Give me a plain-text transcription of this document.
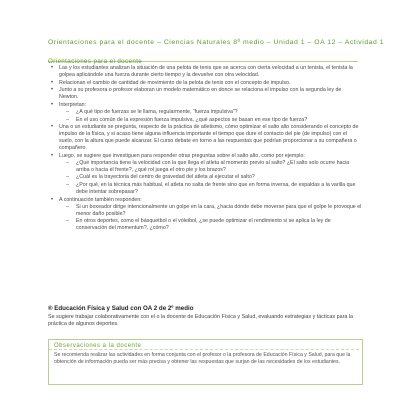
Orientaciones para el docente – Ciencias Naturales 8º medio – Unidad 1 – OA 12 – Actividad 1
Orientaciones para el docente
• Las y los estudiantes analizan la situación de una pelota de tenis que se acerca con cierta velocidad a un tenista, el tenista la golpea aplicándole una fuerza durante cierto tiempo y la devuelve con otra velocidad.
• Relacionan el cambio de cantidad de movimiento de la pelota de tenis con el concepto de impulso.
• Junto a su profesora o profesor elaboran un modelo matemático en donce se relaciona el impulso con la segunda ley de Newton.
• Interpretan:
– ¿A qué tipo de fuerzas se le llama, regularmente, “fuerza impulsiva”?
– En el uso común de la expresión fuerza impulsiva, ¿qué aspectos se basan en ese tipo de fuerza?
• Una o un estudiante se pregunta, respecto de la práctica de atletismo, cómo optimizar el salto alto considerando el concepto de impulso de la física, y si acaso tiene alguna influencia importante el tiempo que dure el contacto del pie (de impulso) con el suelo, con la altura que puede alcanzar. El curso debate en torno a las respuestas que podrían proporcionar a su compañera o compañero.
• Luego, se sugiere que investiguen para responder otras preguntas sobre el salto alto, como por ejemplo:
– ¿Qué importancia tiene la velocidad con la que llega el atleta al momento previo al salto? ¿El salto solo ocurre hacia arriba o hacia el frente?, ¿qué rol juega el otro pie y los brazos?
– ¿Cuál es la trayectoria del centro de gravedad del atleta al ejecutar el salto?
– ¿Por qué, en la técnica más habitual, el atleta no salta de frente sino que en forma inversa, de espaldas a la varilla que debe intentar sobrepasar?
• A continuación también responden:
– Si un boxeador dirige intencionalmente un golpe en la cara, ¿hacia dónde debe moverse para que el golpe le provoque el menor daño posible?
– En otros deportes, como el básquetbol o el vóleibol, ¿se puede optimizar el rendimiento si se aplica la ley de conservación del momentum?, ¿cómo?
® Educación Física y Salud con OA 2 de 2º medio
Se sugiere trabajar colaborativamente con el o la docente de Educación Física y Salud, evaluando estrategias y tácticas para la práctica de algunos deportes.
Observaciones a la docente
Se recomienda realizar las actividades en forma conjunta con el profesor o la profesora de Educación Física y Salud, para que la obtención de información pueda ser más precisa y obtener las respuestas que surjan de las necesidades de los estudiantes.
